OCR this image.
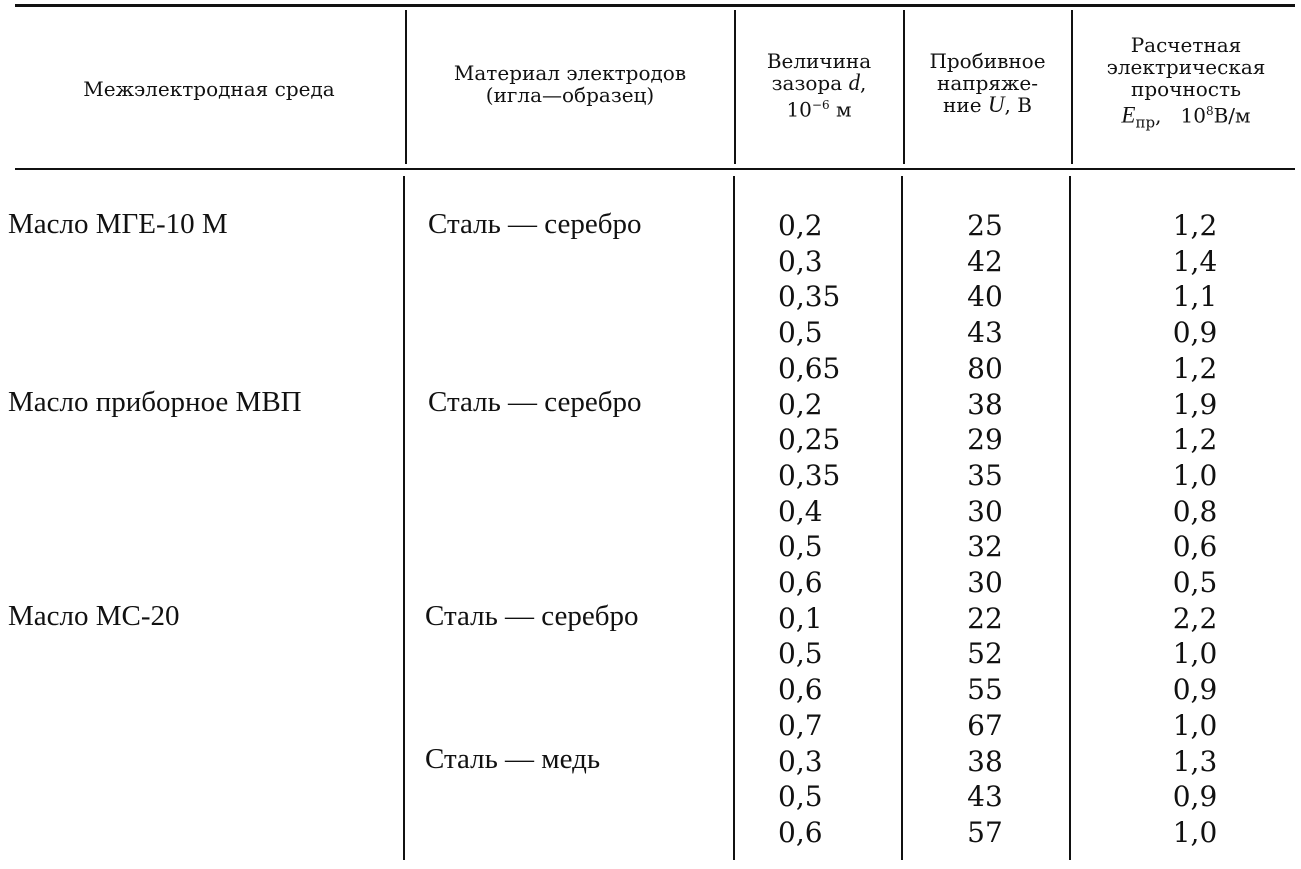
Межэлектродная среда
Материал электродов
(игла—образец)
Величина
зазора d,
$10^{-6}$ м
Пробивное
напряже-
ние U, В
Расчетная
электрическая
прочность
$E_{пр}$,   $10^8В/м$
Масло МГЕ-10 М
Масло приборное МВП
Масло МС-20
Сталь — серебро
Сталь — серебро
Сталь — серебро
Сталь — медь
0,2
0,3
0,35
0,5
0,65
0,2
0,25
0,35
0,4
0,5
0,6
0,1
0,5
0,6
0,7
0,3
0,5
0,6
25
42
40
43
80
38
29
35
30
32
30
22
52
55
67
38
43
57
1,2
1,4
1,1
0,9
1,2
1,9
1,2
1,0
0,8
0,6
0,5
2,2
1,0
0,9
1,0
1,3
0,9
1,0
